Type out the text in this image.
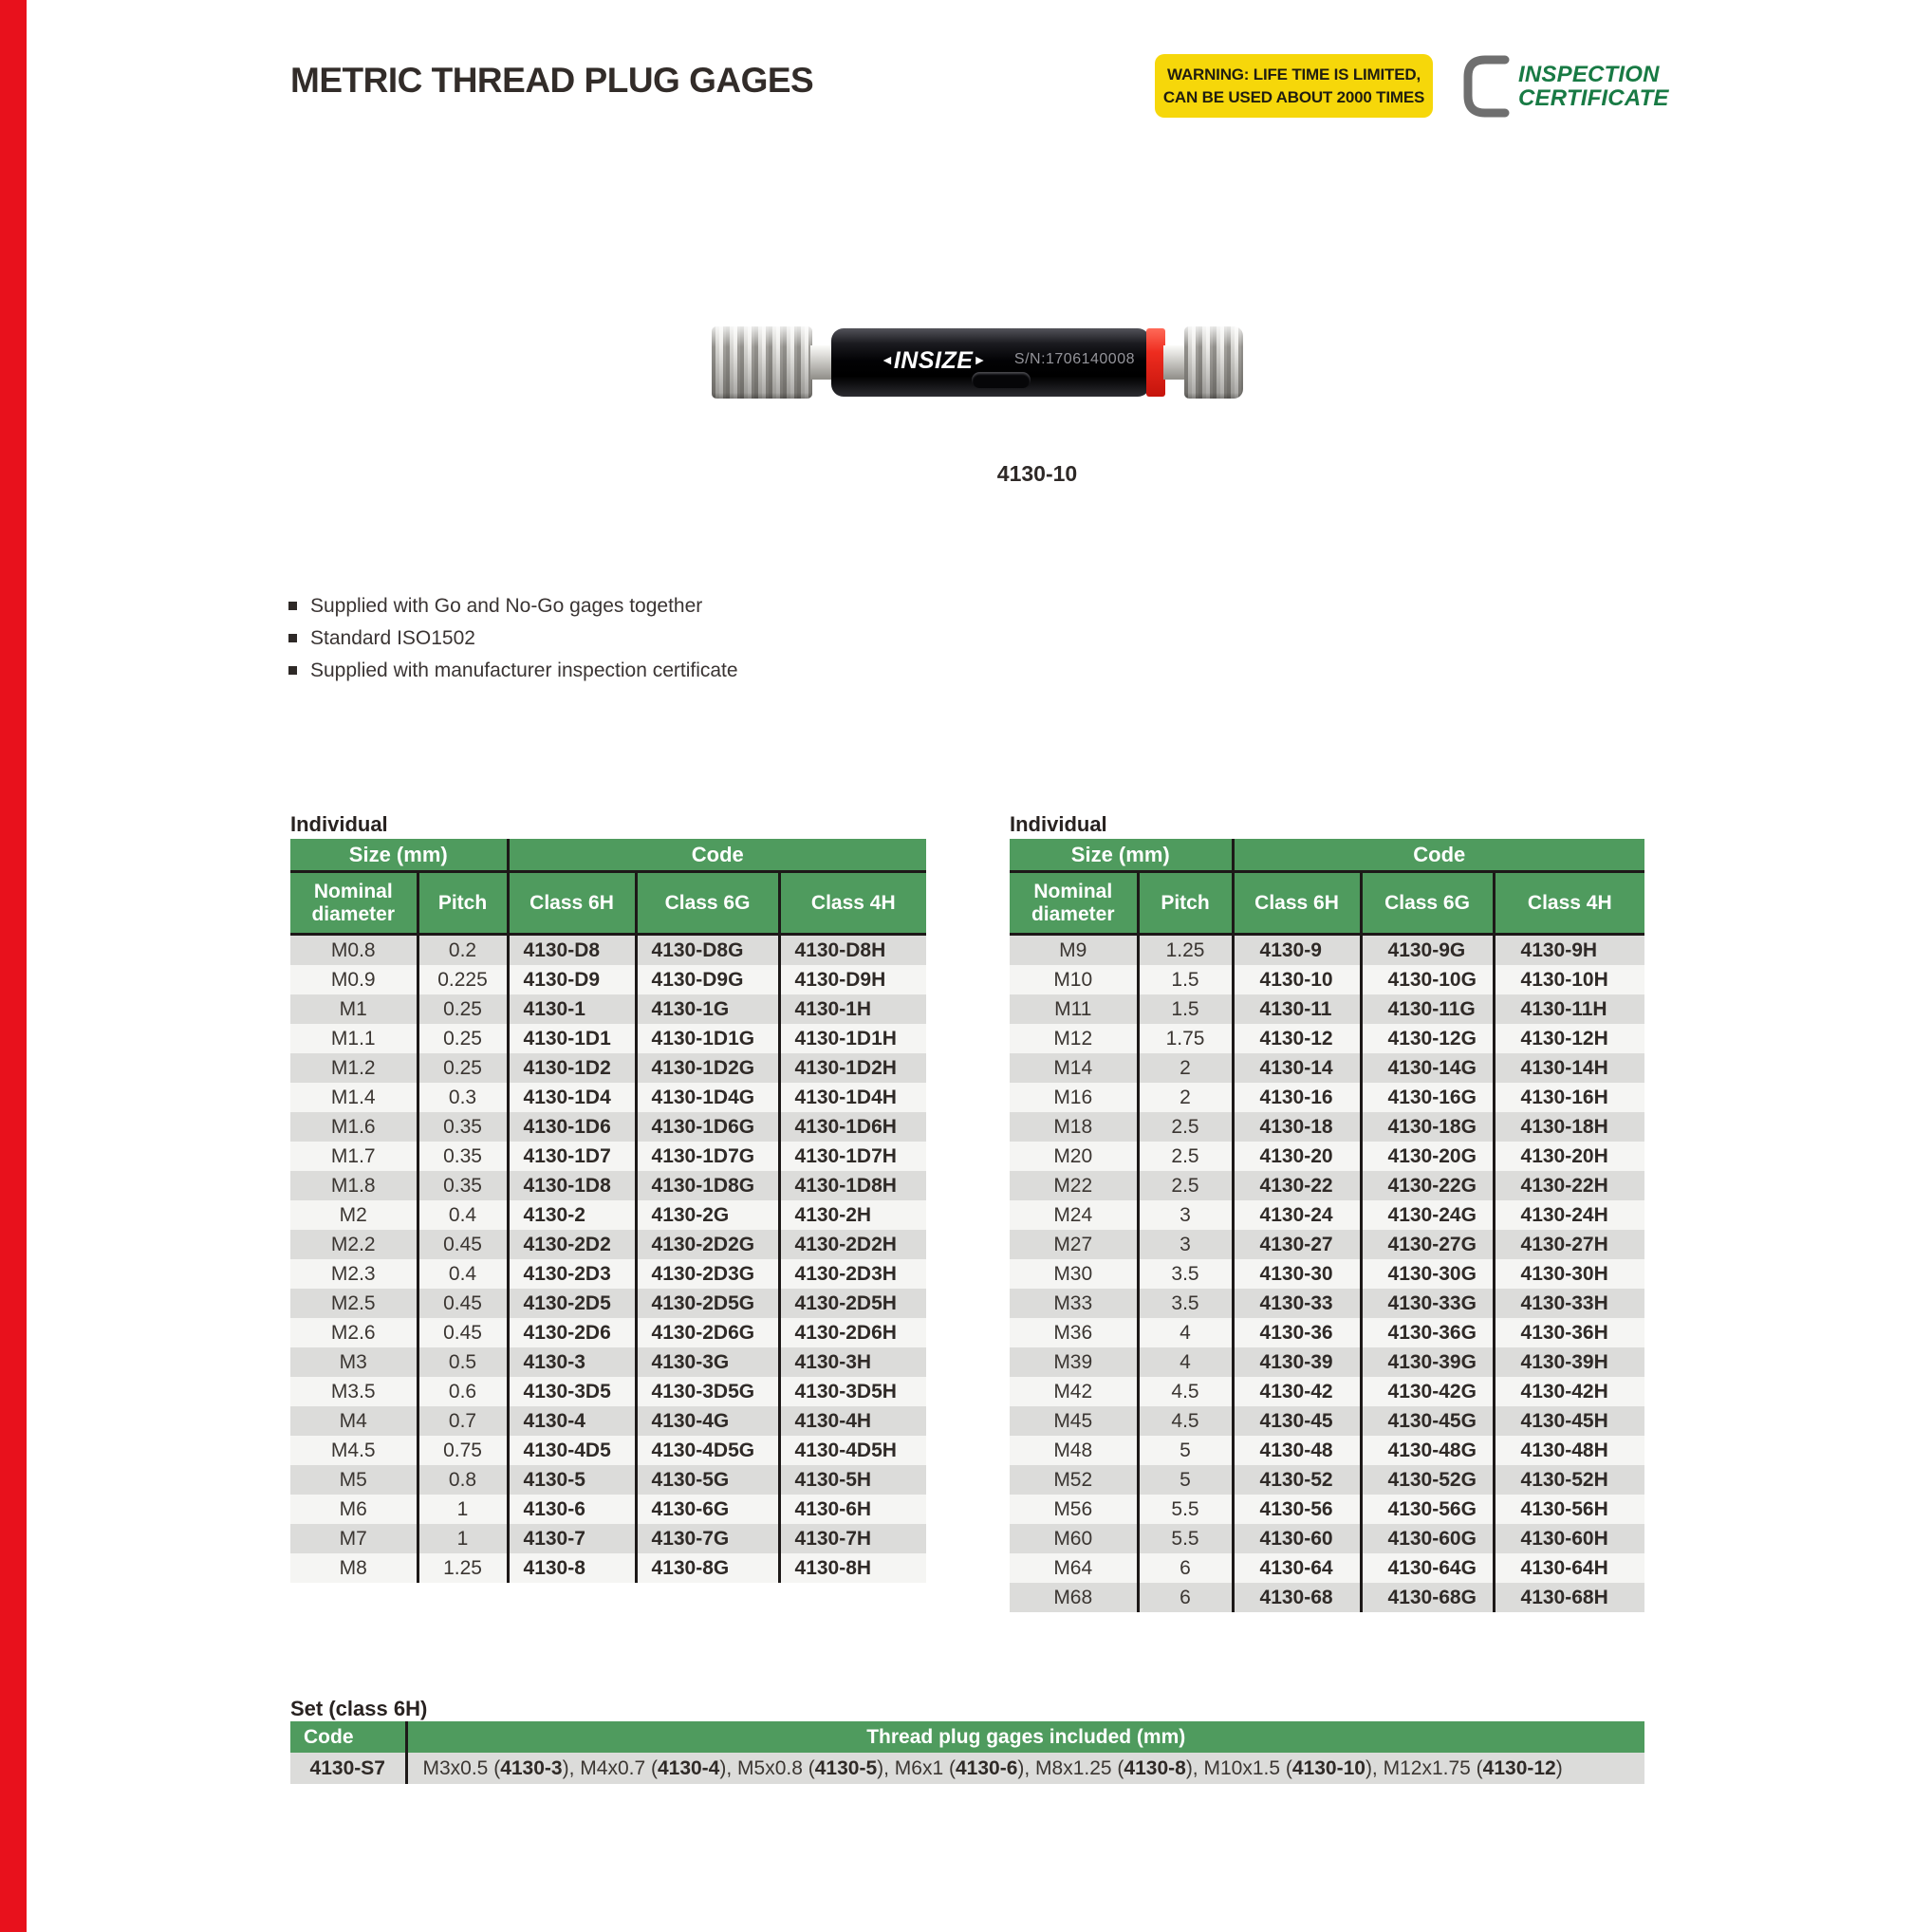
METRIC THREAD PLUG GAGES	WARNING: LIFE TIME IS LIMITED,
CAN BE USED ABOUT 2000 TIMES
INSPECTION
CERTIFICATE
◄INSIZE► S/N:1706140008
4130-10
Supplied with Go and No-Go gages together
Standard ISO1502
Supplied with manufacturer inspection certificate

Individual

Size (mm)		Code		
Nominal diameter	Pitch	Class 6H	Class 6G	Class 4H
M0.8	0.2	4130-D8	4130-D8G	4130-D8H
M0.9	0.225	4130-D9	4130-D9G	4130-D9H
M1	0.25	4130-1	4130-1G	4130-1H
M1.1	0.25	4130-1D1	4130-1D1G	4130-1D1H
M1.2	0.25	4130-1D2	4130-1D2G	4130-1D2H
M1.4	0.3	4130-1D4	4130-1D4G	4130-1D4H
M1.6	0.35	4130-1D6	4130-1D6G	4130-1D6H
M1.7	0.35	4130-1D7	4130-1D7G	4130-1D7H
M1.8	0.35	4130-1D8	4130-1D8G	4130-1D8H
M2	0.4	4130-2	4130-2G	4130-2H
M2.2	0.45	4130-2D2	4130-2D2G	4130-2D2H
M2.3	0.4	4130-2D3	4130-2D3G	4130-2D3H
M2.5	0.45	4130-2D5	4130-2D5G	4130-2D5H
M2.6	0.45	4130-2D6	4130-2D6G	4130-2D6H
M3	0.5	4130-3	4130-3G	4130-3H
M3.5	0.6	4130-3D5	4130-3D5G	4130-3D5H
M4	0.7	4130-4	4130-4G	4130-4H
M4.5	0.75	4130-4D5	4130-4D5G	4130-4D5H
M5	0.8	4130-5	4130-5G	4130-5H
M6	1	4130-6	4130-6G	4130-6H
M7	1	4130-7	4130-7G	4130-7H
M8	1.25	4130-8	4130-8G	4130-8H

Individual

Size (mm)		Code		
Nominal diameter	Pitch	Class 6H	Class 6G	Class 4H
M9	1.25	4130-9	4130-9G	4130-9H
M10	1.5	4130-10	4130-10G	4130-10H
M11	1.5	4130-11	4130-11G	4130-11H
M12	1.75	4130-12	4130-12G	4130-12H
M14	2	4130-14	4130-14G	4130-14H
M16	2	4130-16	4130-16G	4130-16H
M18	2.5	4130-18	4130-18G	4130-18H
M20	2.5	4130-20	4130-20G	4130-20H
M22	2.5	4130-22	4130-22G	4130-22H
M24	3	4130-24	4130-24G	4130-24H
M27	3	4130-27	4130-27G	4130-27H
M30	3.5	4130-30	4130-30G	4130-30H
M33	3.5	4130-33	4130-33G	4130-33H
M36	4	4130-36	4130-36G	4130-36H
M39	4	4130-39	4130-39G	4130-39H
M42	4.5	4130-42	4130-42G	4130-42H
M45	4.5	4130-45	4130-45G	4130-45H
M48	5	4130-48	4130-48G	4130-48H
M52	5	4130-52	4130-52G	4130-52H
M56	5.5	4130-56	4130-56G	4130-56H
M60	5.5	4130-60	4130-60G	4130-60H
M64	6	4130-64	4130-64G	4130-64H
M68	6	4130-68	4130-68G	4130-68H

Set (class 6H)

Code	Thread plug gages included (mm)
4130-S7	M3x0.5 (4130-3), M4x0.7 (4130-4), M5x0.8 (4130-5), M6x1 (4130-6), M8x1.25 (4130-8), M10x1.5 (4130-10), M12x1.75 (4130-12)
